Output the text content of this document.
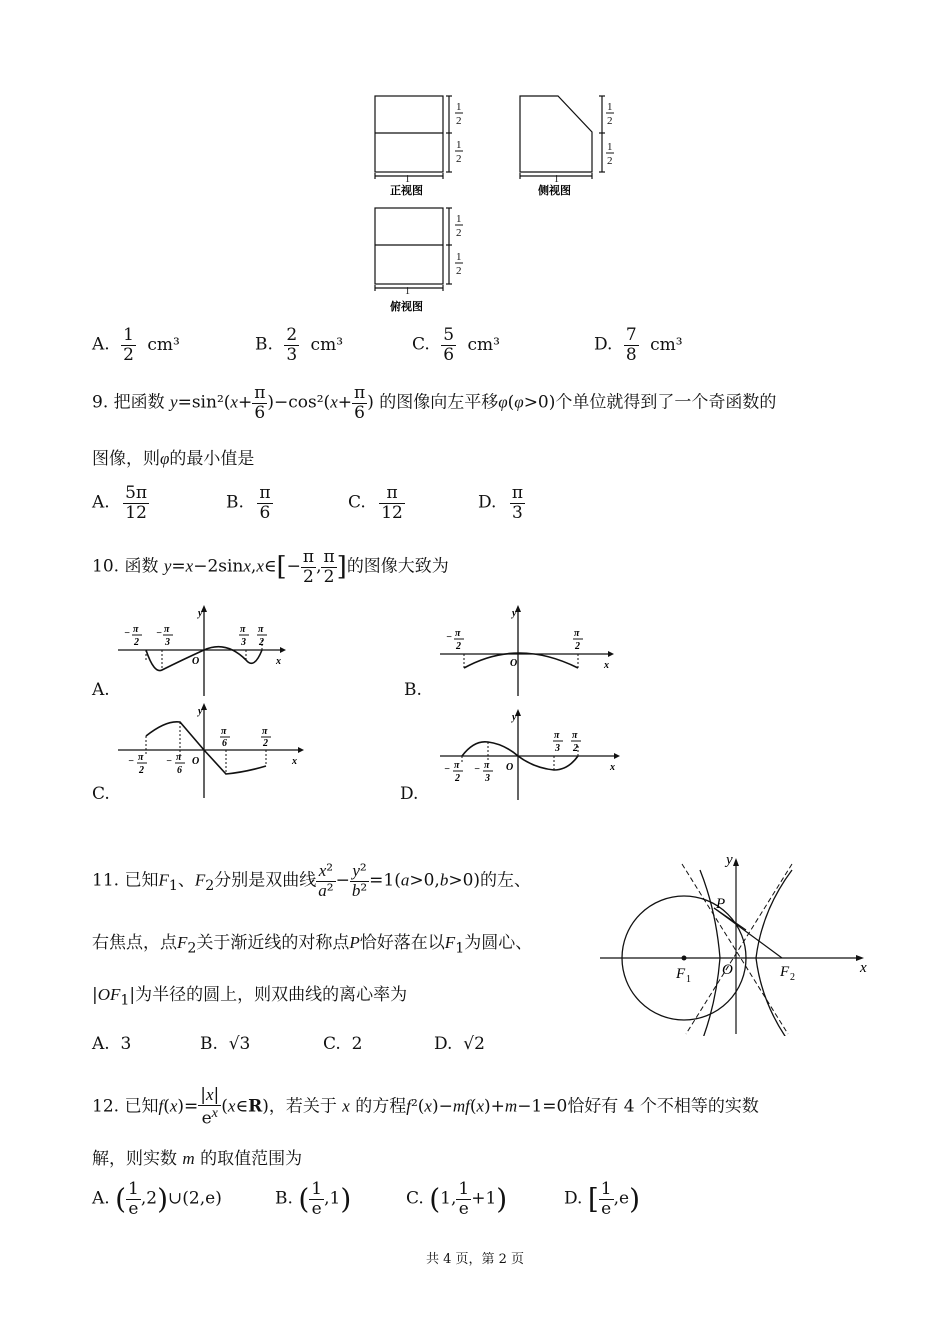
1
2
1
2
1
正视图
1
2
1
2
1
侧视图
1
2
1
2
1
俯视图
A. $\frac{1}{2} cm^3$	B. $\frac{2}{3} cm^3$	C. $\frac{5}{6} cm^3$	D. $\frac{7}{8} cm^3$
9. 把函数 $y=\sin^2(x+ \frac{\pi}{6} )-\cos^2(x+ \frac{\pi}{6}$ ) 的图像向左平移φ(φ>0)个单位就得到了一个奇函数的
图像，则φ的最小值是
A. $\frac{5\pi}{12}$	B. $\frac{\pi}{6}$	C. $\frac{\pi}{12}$	D. $\frac{\pi}{3}$
10. 函数 y=x−2sinx,x∈[− $\frac{\pi}{2}$ , $\frac{\pi}{2}$ ]的图像大致为
− π
2
− π
3
π
3
π
2
O	x
y
A.
− π
2
π
2
O	x
y
B.
− π
2
− π
6
π
6
π
2
O	x
y
C.
− π
2
− π
3
π
3
π
2
O	x
y
D.
11. 已知$F_1$、$F_2$分别是双曲线 $\frac{\text{x²}}{\text{a²}} - \frac{\text{y²}}{\text{b²}} =1(a>0,b>0)$的左、
右焦点，点$F_2$关于渐近线的对称点P恰好落在以$F_1$为圆心、
$|OF_1|$为半径的圆上，则双曲线的离心率为
A. 3	B. √3	C. 2	D. √2
P
F 1
O	F 2
x
y
12. 已知$f(x)= \frac{|x|}{e^x}$ (x∈R)，若关于 x 的方程f²(x)−mf(x)+m−1=0恰好有 4 个不相等的实数
解，则实数 m 的取值范围为
A. ( $\frac{1}{e}$ ,2)∪(2,e)	B. ( $\frac{1}{e} ,1$)	C. (1, $\frac{1}{e} +1$)	D. [ $\frac{1}{e} ,e$)
共 4 页，第 2 页
